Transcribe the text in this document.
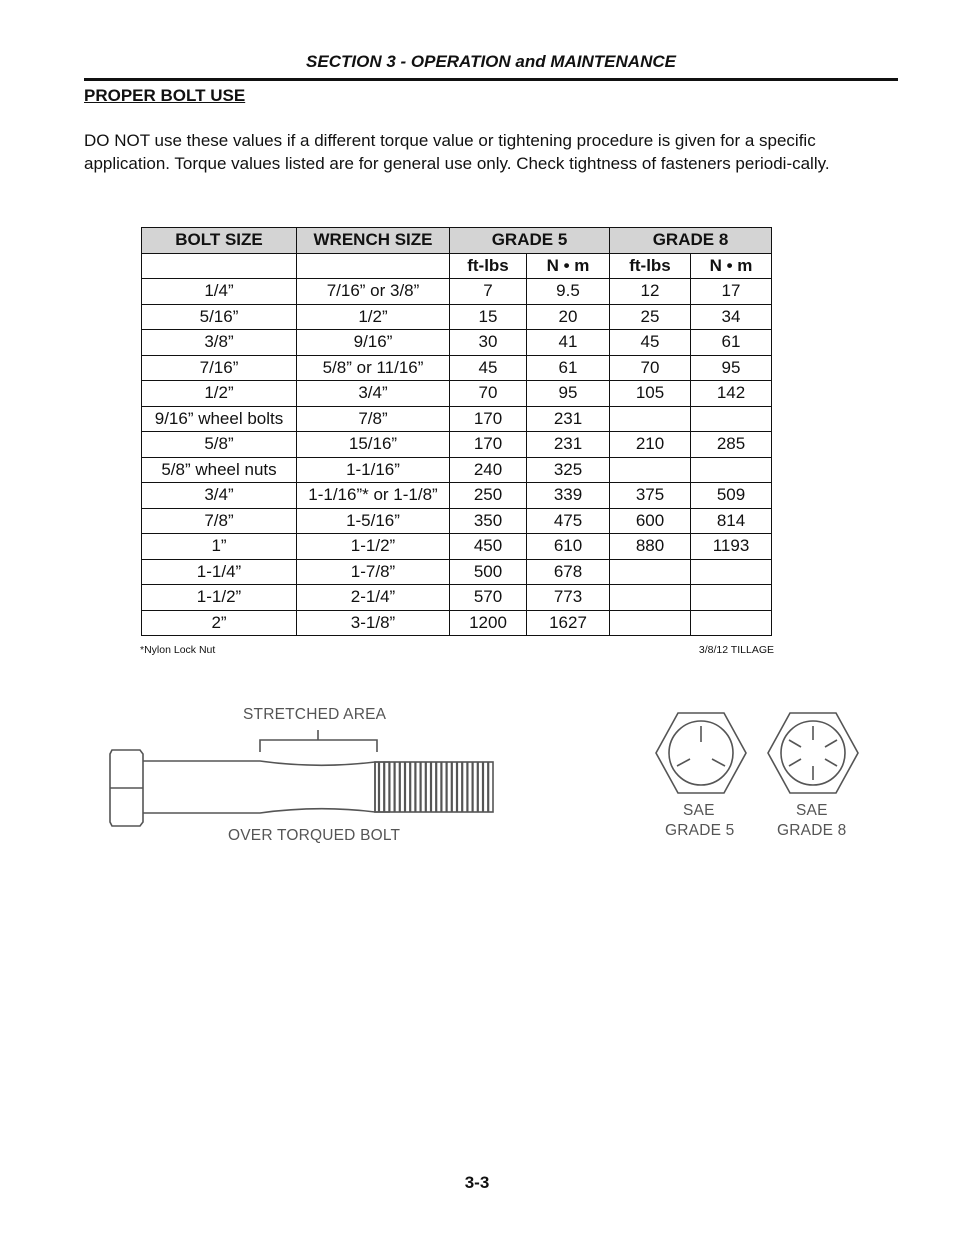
SECTION 3 - OPERATION and MAINTENANCE
PROPER BOLT USE
DO NOT use these values if a different torque value or tightening procedure is given for a specific application. Torque values listed are for general use only. Check tightness of fasteners periodi-cally.
BOLT SIZE	WRENCH SIZE	GRADE 5		GRADE 8	
		ft-lbs	N • m	ft-lbs	N • m
1/4”	7/16” or 3/8”	7	9.5	12	17
5/16”	1/2”	15	20	25	34
3/8”	9/16”	30	41	45	61
7/16”	5/8” or 11/16”	45	61	70	95
1/2”	3/4”	70	95	105	142
9/16” wheel bolts	7/8”	170	231		
5/8”	15/16”	170	231	210	285
5/8” wheel nuts	1-1/16”	240	325		
3/4”	1-1/16”* or 1-1/8”	250	339	375	509
7/8”	1-5/16”	350	475	600	814
1”	1-1/2”	450	610	880	1193
1-1/4”	1-7/8”	500	678		
1-1/2”	2-1/4”	570	773		
2”	3-1/8”	1200	1627		
*Nylon Lock Nut	3/8/12 TILLAGE
STRETCHED AREA
OVER TORQUED BOLT
SAE
GRADE 5
SAE
GRADE 8
3-3
